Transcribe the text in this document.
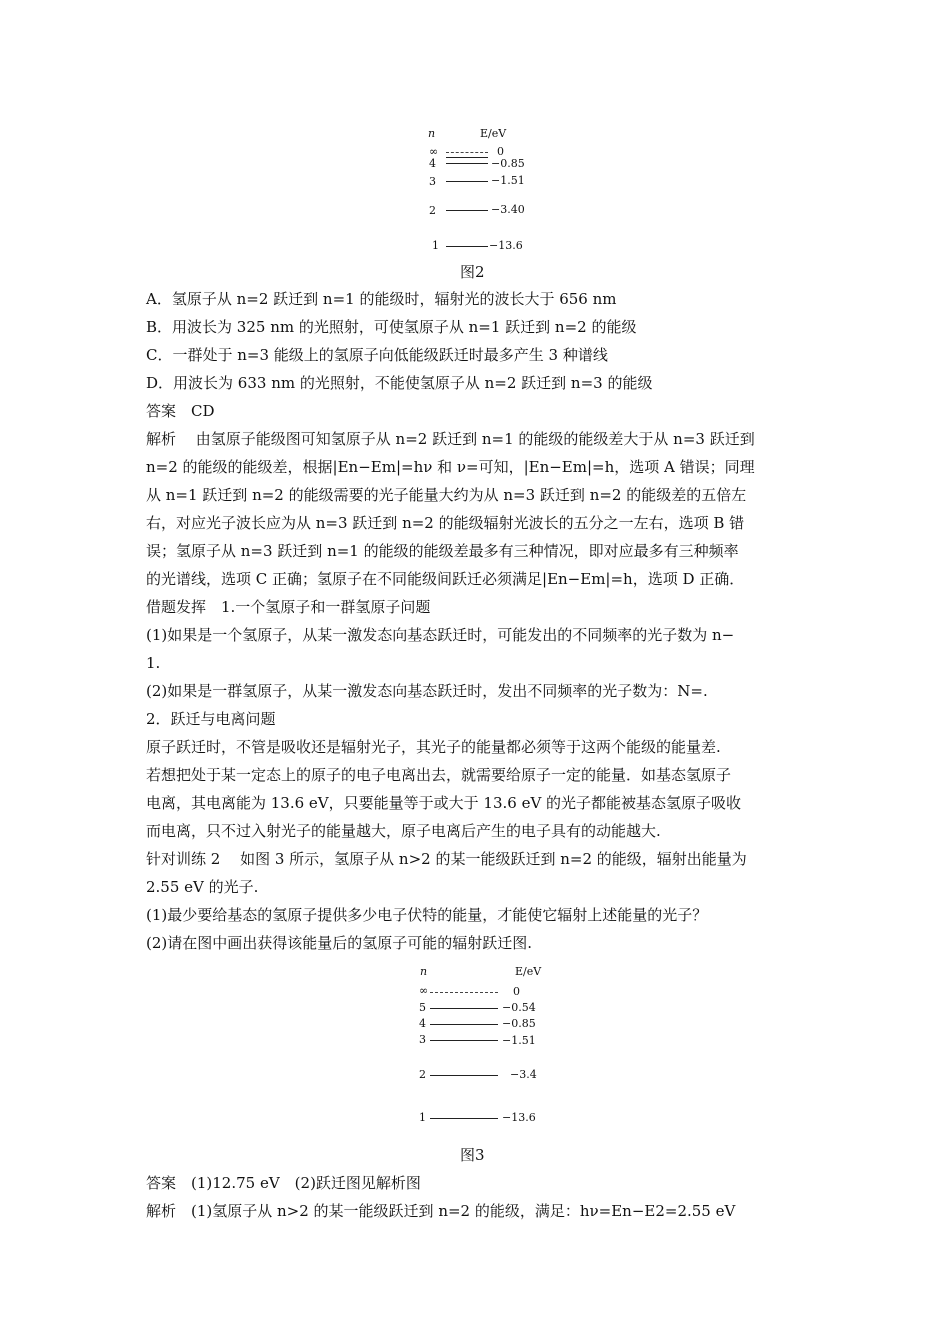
n	E/eV
∞	0
4	−0.85
3	−1.51
2	−3.40
1	−13.6
图2
A．氢原子从 n=2 跃迁到 n=1 的能级时，辐射光的波长大于 656 nm
B．用波长为 325 nm 的光照射，可使氢原子从 n=1 跃迁到 n=2 的能级
C．一群处于 n=3 能级上的氢原子向低能级跃迁时最多产生 3 种谱线
D．用波长为 633 nm 的光照射，不能使氢原子从 n=2 跃迁到 n=3 的能级
答案　CD
解析　 由氢原子能级图可知氢原子从 n=2 跃迁到 n=1 的能级的能级差大于从 n=3 跃迁到
n=2 的能级的能级差，根据|En−Em|=hν 和 ν=可知，|En−Em|=h，选项 A 错误；同理
从 n=1 跃迁到 n=2 的能级需要的光子能量大约为从 n=3 跃迁到 n=2 的能级差的五倍左
右，对应光子波长应为从 n=3 跃迁到 n=2 的能级辐射光波长的五分之一左右，选项 B 错
误；氢原子从 n=3 跃迁到 n=1 的能级的能级差最多有三种情况，即对应最多有三种频率
的光谱线，选项 C 正确；氢原子在不同能级间跃迁必须满足|En−Em|=h，选项 D 正确．
借题发挥　1.一个氢原子和一群氢原子问题
(1)如果是一个氢原子，从某一激发态向基态跃迁时，可能发出的不同频率的光子数为 n−
1.
(2)如果是一群氢原子，从某一激发态向基态跃迁时，发出不同频率的光子数为：N=.
2．跃迁与电离问题
原子跃迁时，不管是吸收还是辐射光子，其光子的能量都必须等于这两个能级的能量差.
若想把处于某一定态上的原子的电子电离出去，就需要给原子一定的能量．如基态氢原子
电离，其电离能为 13.6 eV，只要能量等于或大于 13.6 eV 的光子都能被基态氢原子吸收
而电离，只不过入射光子的能量越大，原子电离后产生的电子具有的动能越大.
针对训练 2　 如图 3 所示，氢原子从 n>2 的某一能级跃迁到 n=2 的能级，辐射出能量为
2.55 eV 的光子.
(1)最少要给基态的氢原子提供多少电子伏特的能量，才能使它辐射上述能量的光子？
(2)请在图中画出获得该能量后的氢原子可能的辐射跃迁图.
n	E/eV
∞	0
5	−0.54
4	−0.85
3	−1.51
2	−3.4
1	−13.6
图3
答案　(1)12.75 eV　(2)跃迁图见解析图
解析　(1)氢原子从 n>2 的某一能级跃迁到 n=2 的能级，满足：hν=En−E2=2.55 eV
